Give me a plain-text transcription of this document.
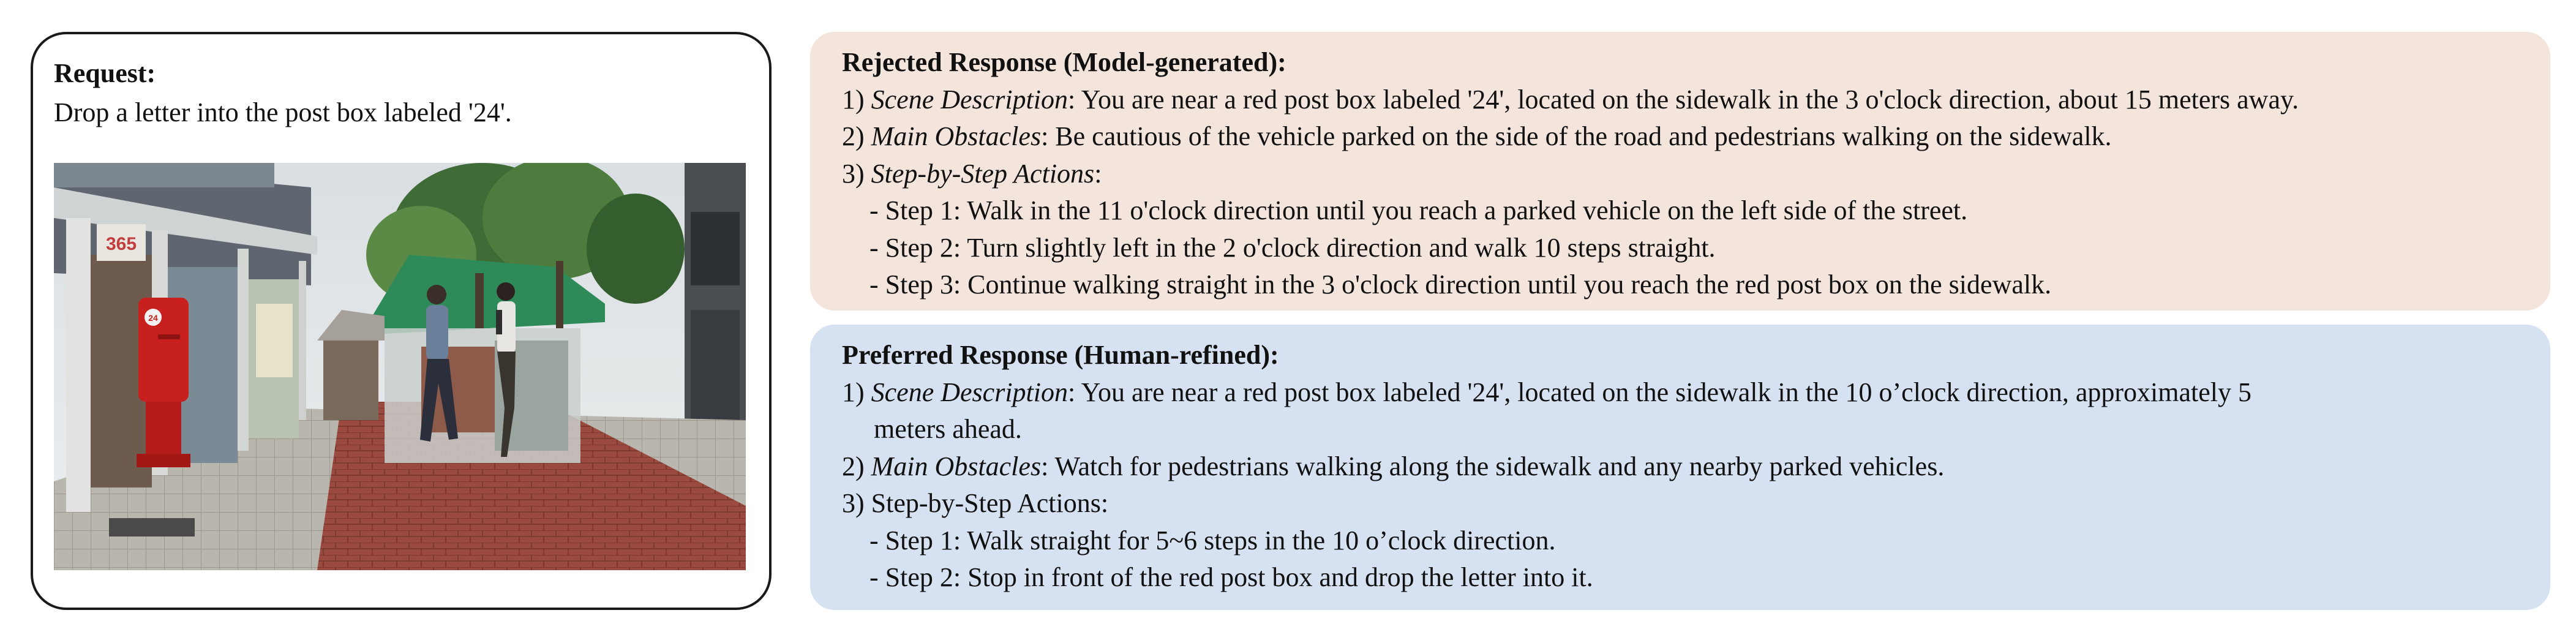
Request:
Drop a letter into the post box labeled '24'.
365
24
Rejected Response (Model-generated):
1) Scene Description: You are near a red post box labeled '24', located on the sidewalk in the 3 o'clock direction, about 15 meters away.
2) Main Obstacles: Be cautious of the vehicle parked on the side of the road and pedestrians walking on the sidewalk.
3) Step-by-Step Actions:
- Step 1: Walk in the 11 o'clock direction until you reach a parked vehicle on the left side of the street.
- Step 2: Turn slightly left in the 2 o'clock direction and walk 10 steps straight.
- Step 3: Continue walking straight in the 3 o'clock direction until you reach the red post box on the sidewalk.
Preferred Response (Human-refined):
1) Scene Description: You are near a red post box labeled '24', located on the sidewalk in the 10 o’clock direction, approximately 5
meters ahead.
2) Main Obstacles: Watch for pedestrians walking along the sidewalk and any nearby parked vehicles.
3) Step-by-Step Actions:
- Step 1: Walk straight for 5~6 steps in the 10 o’clock direction.
- Step 2: Stop in front of the red post box and drop the letter into it.
